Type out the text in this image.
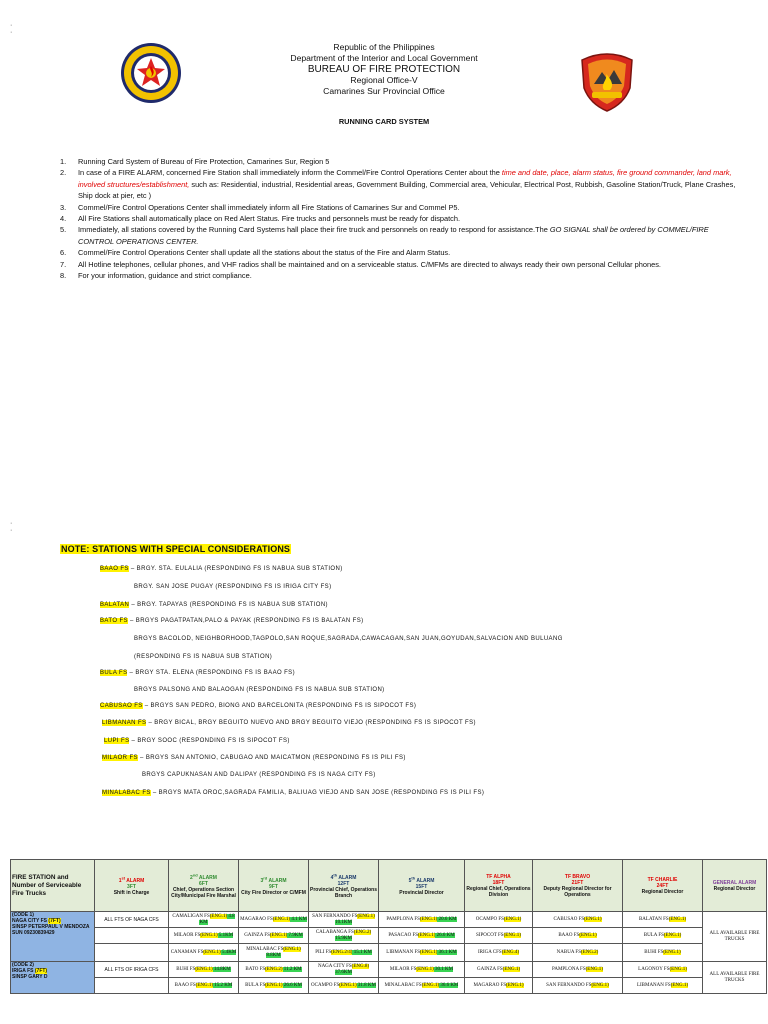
·
·
·
·
Republic of the Philippines
Department of the Interior and Local Government
BUREAU OF FIRE PROTECTION
Regional Office-V
Camarines Sur Provincial Office
RUNNING CARD SYSTEM
1. Running Card System of Bureau of Fire Protection, Camarines Sur, Region 5
2. In case of a FIRE ALARM, concerned Fire Station shall immediately inform the Commel/Fire Control Operations Center about the time and date, place, alarm status, fire ground commander, land mark, involved structures/establishment, such as: Residential, industrial, Residential areas, Government Building, Commercial area, Vehicular, Electrical Post, Rubbish, Gasoline Station/Truck, Plane Crashes, Ship dock at pier, etc )
3. Commel/Fire Control Operations Center shall immediately inform all Fire Stations of Camarines Sur and Commel P5.
4. All Fire Stations shall automatically place on Red Alert Status. Fire trucks and personnels must be ready for dispatch.
5. Immediately, all stations covered by the Running Card Systems hall place their fire truck and personnels on ready to respond for assistance.The GO SIGNAL shall be ordered by COMMEL/FIRE CONTROL OPERATIONS CENTER.
6. Commel/Fire Control Operations Center shall update all the stations about the status of the Fire and Alarm Status.
7. All Hotline telephones, cellular phones, and VHF radios shall be maintained and on a serviceable status. C/MFMs are directed to always ready their own personal Cellular phones.
8. For your information, guidance and strict compliance.
NOTE: STATIONS WITH SPECIAL CONSIDERATIONS
BAAO FS – BRGY. STA. EULALIA (RESPONDING FS IS NABUA SUB STATION)
BRGY. SAN JOSE PUGAY (RESPONDING FS IS IRIGA CITY FS)
BALATAN – BRGY. TAPAYAS (RESPONDING FS IS NABUA SUB STATION)
BATO FS – BRGYS PAGATPATAN,PALO & PAYAK (RESPONDING FS IS BALATAN FS)
BRGYS BACOLOD, NEIGHBORHOOD,TAGPOLO,SAN ROQUE,SAGRADA,CAWACAGAN,SAN JUAN,GOYUDAN,SALVACION AND BULUANG
(RESPONDING FS IS NABUA SUB STATION)
BULA FS – BRGY STA. ELENA (RESPONDING FS IS BAAO FS)
BRGYS PALSONG AND BALAOGAN (RESPONDING FS IS NABUA SUB STATION)
CABUSAO FS – BRGYS SAN PEDRO, BIONG AND BARCELONITA (RESPONDING FS IS SIPOCOT FS)
LIBMANAN FS – BRGY BICAL, BRGY BEGUITO NUEVO AND BRGY BEGUITO VIEJO (RESPONDING FS IS SIPOCOT FS)
LUPI FS – BRGY SOOC (RESPONDING FS IS SIPOCOT FS)
MILAOR FS – BRGYS SAN ANTONIO, CABUGAO AND MAICATMON (RESPONDING FS IS PILI FS)
BRGYS CAPUKNASAN AND DALIPAY (RESPONDING FS IS NAGA CITY FS)
MINALABAC FS – BRGYS MATA OROC,SAGRADA FAMILIA, BALIUAG VIEJO AND SAN JOSE (RESPONDING FS IS PILI FS)
FIRE STATION and Number of Serviceable Fire Trucks	1st ALARM
3FT
Shift in Charge	2nd ALARM
6FT
Chief, Operations Section City/Municipal Fire Marshal	3rd ALARM
9FT
City Fire Director or C/MFM	4th ALARM
12FT
Provincial Chief, Operations Branch	5th ALARM
15FT
Provincial Director	TF ALPHA
18FT
Regional Chief, Operations Division	TF BRAVO
21FT
Deputy Regional Director for Operations	TF CHARLIE
24FT
Regional Director	GENERAL ALARM
Regional Director

(CODE 1)
NAGA CITY FS (7FT)
SINSP PETERPAUL V MENDOZA
SUN 09230839429	ALL FTS OF NAGA CFS	CAMALIGAN FS(ENG.1) 4.8 KM	MAGARAO FS(ENG.1) 4.1 KM	SAN FERNANDO FS(ENG.1) 10.1KM	PAMPLONA FS(ENG.1) 20.6 KM	OCAMPO FS(ENG.1)	CABUSAO FS(ENG.1)	BALATAN FS(ENG.1)	ALL AVAILABLE FIRE TRUCKS
		MILAOR FS(ENG.1) 5.1KM	GAINZA FS(ENG.1) 7.9KM	CALABANGA FS(ENG.2) 15.9KM	PASACAO FS(ENG.1) 26.6 KM	SIPOCOT FS(ENG.1)	BAAO FS(ENG.1)	BULA FS(ENG.1)	
		CANAMAN FS(ENG.1) 5.4KM	MINALABAC FS(ENG.1) 8.8KM	PILI FS(ENG.2/4) 15.1 KM	LIBMANAN FS(ENG.1) 36.1 KM	IRIGA CFS(ENG.4)	NABUA FS(ENG.2)	BUHI FS(ENG.1)	

(CODE 2)
IRIGA FS (7FT)
SINSP GARY D	ALL FTS OF IRIGA CFS	BUHI FS(ENG.1) 14.8KM	BATO FS(ENG.2) 11.2 KM	NAGA CITY FS(ENG.8) 37.6KM	MILAOR FS(ENG.1) 30.1 KM	GAINZA FS(ENG.1)	PAMPLONA FS(ENG.1)	LAGONOY FS(ENG.1)	ALL AVAILABLE FIRE TRUCKS
		BAAO FS(ENG.1) 15.2 KM	BULA FS(ENG.1) 26.6 KM	OCAMPO FS(ENG.1) 31.8 KM	MINALABAC FS(ENG.1) 36.6 KM	MAGARAO FS(ENG.1)	SAN FERNANDO FS(ENG.1)	LIBMANAN FS(ENG.1)	
